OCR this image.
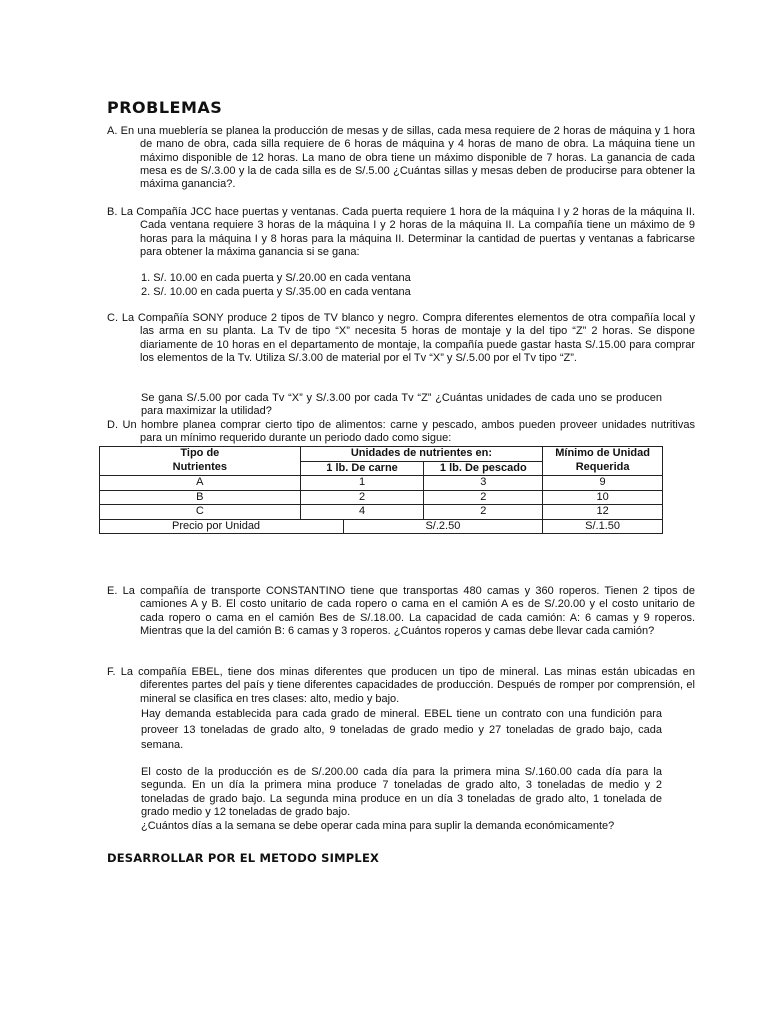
PROBLEMAS
A. En una mueblería se planea la producción de mesas y de sillas, cada mesa requiere de 2 horas de máquina y 1 hora de mano de obra, cada silla requiere de 6 horas de máquina y 4 horas de mano de obra. La máquina tiene un máximo disponible de 12 horas. La mano de obra tiene un máximo disponible de 7 horas. La ganancia de cada mesa es de S/.3.00 y la de cada silla es de S/.5.00 ¿Cuántas sillas y mesas deben de producirse para obtener la máxima ganancia?.
B. La Compañía JCC hace puertas y ventanas. Cada puerta requiere 1 hora de la máquina I y 2 horas de la máquina II. Cada ventana requiere 3 horas de la máquina I y 2 horas de la máquina II. La compañía tiene un máximo de 9 horas para la máquina I y 8 horas para la máquina II. Determinar la cantidad de puertas y ventanas a fabricarse para obtener la máxima ganancia si se gana:
1. S/. 10.00 en cada puerta y S/.20.00 en cada ventana
2. S/. 10.00 en cada puerta y S/.35.00 en cada ventana
C. La Compañía SONY produce 2 tipos de TV blanco y negro. Compra diferentes elementos de otra compañía local y las arma en su planta. La Tv de tipo “X” necesita 5 horas de montaje y la del tipo “Z” 2 horas. Se dispone diariamente de 10 horas en el departamento de montaje, la compañía puede gastar hasta S/.15.00 para comprar los elementos de la Tv. Utiliza S/.3.00 de material por el Tv “X” y S/.5.00 por el Tv tipo “Z”.
Se gana S/.5.00 por cada Tv “X” y S/.3.00 por cada Tv “Z” ¿Cuántas unidades de cada uno se producen para maximizar la utilidad?
D. Un hombre planea comprar cierto tipo de alimentos: carne y pescado, ambos pueden proveer unidades nutritivas para un mínimo requerido durante un periodo dado como sigue:
Tipo de	Unidades de nutrientes en:			Mínimo de Unidad
Nutrientes	1 lb. De carne		1 lb. De pescado	Requerida
A	1		3	9
B	2		2	10
C	4		2	12
Precio por Unidad		S/.2.50		S/.1.50
E. La compañía de transporte CONSTANTINO tiene que transportas 480 camas y 360 roperos. Tienen 2 tipos de camiones A y B. El costo unitario de cada ropero o cama en el camión A es de S/.20.00 y el costo unitario de cada ropero o cama en el camión Bes de S/.18.00. La capacidad de cada camión: A: 6 camas y 9 roperos. Mientras que la del camión B: 6 camas y 3 roperos. ¿Cuántos roperos y camas debe llevar cada camión?
F. La compañía EBEL, tiene dos minas diferentes que producen un tipo de mineral. Las minas están ubicadas en diferentes partes del país y tiene diferentes capacidades de producción. Después de romper por comprensión, el mineral se clasifica en tres clases: alto, medio y bajo.
Hay demanda establecida para cada grado de mineral. EBEL tiene un contrato con una fundición para proveer 13 toneladas de grado alto, 9 toneladas de grado medio y 27 toneladas de grado bajo, cada semana.
El costo de la producción es de S/.200.00 cada día para la primera mina S/.160.00 cada día para la segunda. En un día la primera mina produce 7 toneladas de grado alto, 3 toneladas de medio y 2 toneladas de grado bajo. La segunda mina produce en un día 3 toneladas de grado alto, 1 tonelada de grado medio y 12 toneladas de grado bajo.
¿Cuántos días a la semana se debe operar cada mina para suplir la demanda económicamente?
DESARROLLAR POR EL METODO SIMPLEX
